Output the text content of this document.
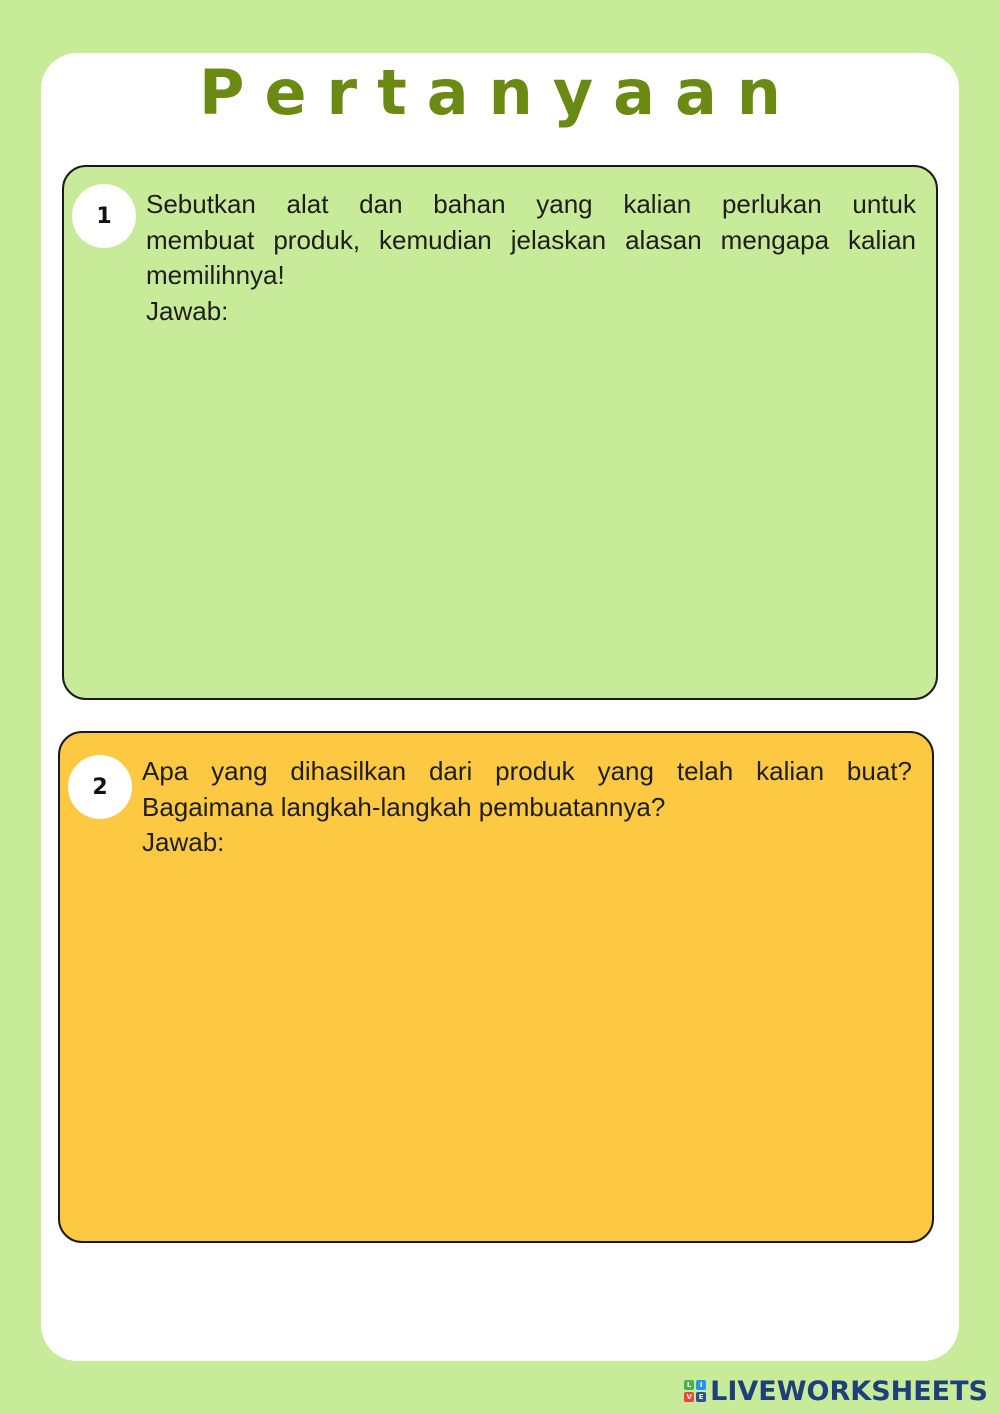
Pertanyaan
1	Sebutkan alat dan bahan yang kalian perlukan untuk
membuat produk, kemudian jelaskan alasan mengapa kalian
memilihnya!
Jawab:
2
Apa yang dihasilkan dari produk yang telah kalian buat?
Bagaimana langkah-langkah pembuatannya?
Jawab:
L	I
V E LIVEWORKSHEETS
